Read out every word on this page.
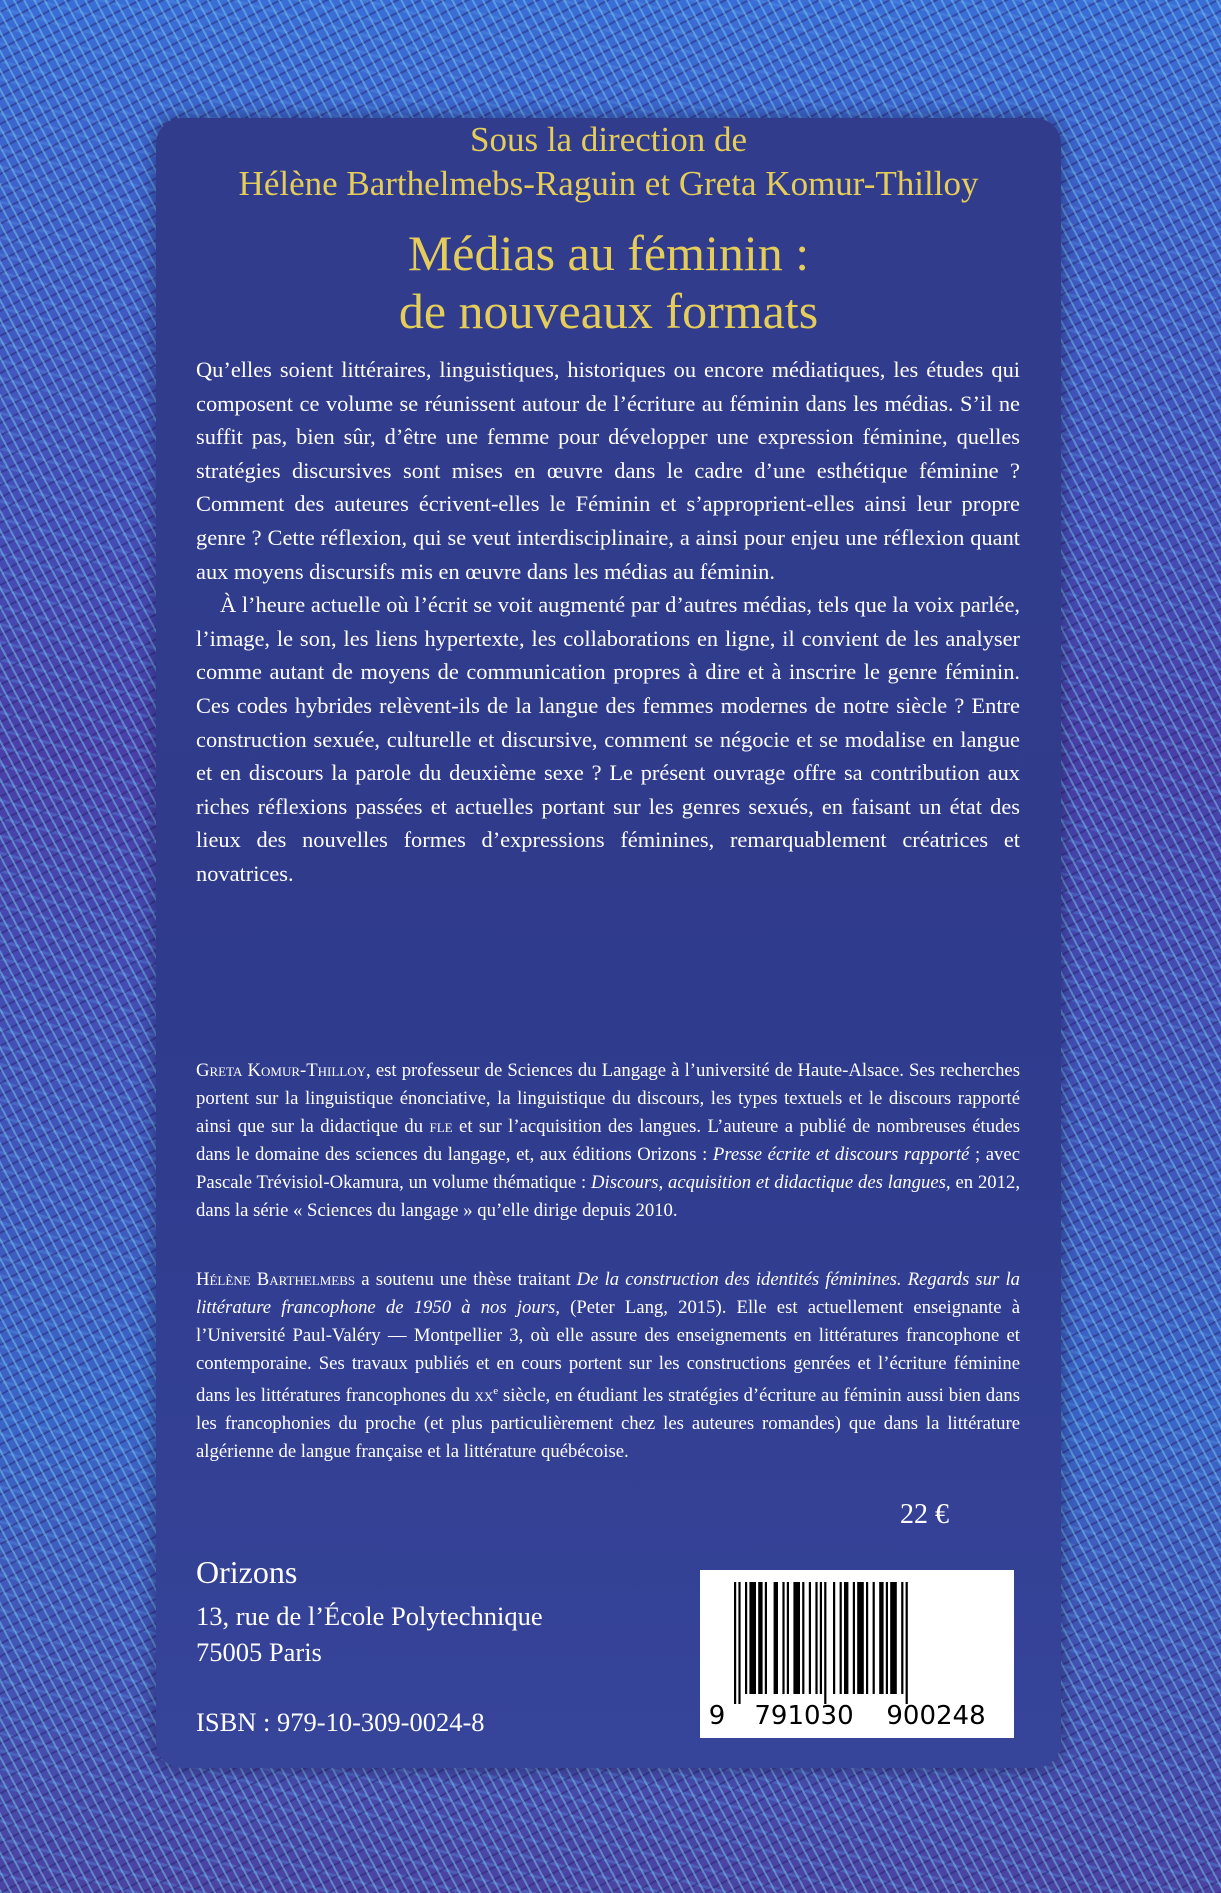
Sous la direction de
Hélène Barthelmebs-Raguin et Greta Komur-Thilloy
Médias au féminin :
de nouveaux formats

Qu’elles soient littéraires, linguistiques, historiques ou encore médiatiques, les études qui composent ce volume se réunissent autour de l’écriture au féminin dans les médias. S’il ne suffit pas, bien sûr, d’être une femme pour développer une expression féminine, quelles stratégies discursives sont mises en œuvre dans le cadre d’une esthétique féminine ? Comment des auteures écrivent-elles le Féminin et s’approprient-elles ainsi leur propre genre ? Cette réflexion, qui se veut interdisciplinaire, a ainsi pour enjeu une réflexion quant aux moyens discursifs mis en œuvre dans les médias au féminin.

À l’heure actuelle où l’écrit se voit augmenté par d’autres médias, tels que la voix parlée, l’image, le son, les liens hypertexte, les collaborations en ligne, il convient de les analyser comme autant de moyens de communication propres à dire et à inscrire le genre féminin. Ces codes hybrides relèvent-ils de la langue des femmes modernes de notre siècle ? Entre construction sexuée, culturelle et discursive, comment se négocie et se modalise en langue et en discours la parole du deuxième sexe ? Le présent ouvrage offre sa contribution aux riches réflexions passées et actuelles portant sur les genres sexués, en faisant un état des lieux des nouvelles formes d’expressions féminines, remarquablement créatrices et novatrices.

Greta Komur-Thilloy, est professeur de Sciences du Langage à l’université de Haute-Alsace. Ses recherches portent sur la linguistique énonciative, la linguistique du discours, les types textuels et le discours rapporté ainsi que sur la didactique du fle et sur l’acquisition des langues. L’auteure a publié de nombreuses études dans le domaine des sciences du langage, et, aux éditions Orizons : Presse écrite et discours rapporté ; avec Pascale Trévisiol-Okamura, un volume thématique : Discours, acquisition et didactique des langues, en 2012, dans la série « Sciences du langage » qu’elle dirige depuis 2010.

Hélène Barthelmebs a soutenu une thèse traitant De la construction des identités féminines. Regards sur la littérature francophone de 1950 à nos jours, (Peter Lang, 2015). Elle est actuellement enseignante à l’Université Paul-Valéry — Montpellier 3, où elle assure des enseignements en littératures francophone et contemporaine. Ses travaux publiés et en cours portent sur les constructions genrées et l’écriture féminine dans les littératures francophones du $xx^e$ siècle, en étudiant les stratégies d’écriture au féminin aussi bien dans les francophonies du proche (et plus particulièrement chez les auteures romandes) que dans la littérature algérienne de langue française et la littérature québécoise.

22 €
Orizons
13, rue de l’École Polytechnique
75005 Paris
ISBN : 979-10-309-0024-8	9 791030 900248
